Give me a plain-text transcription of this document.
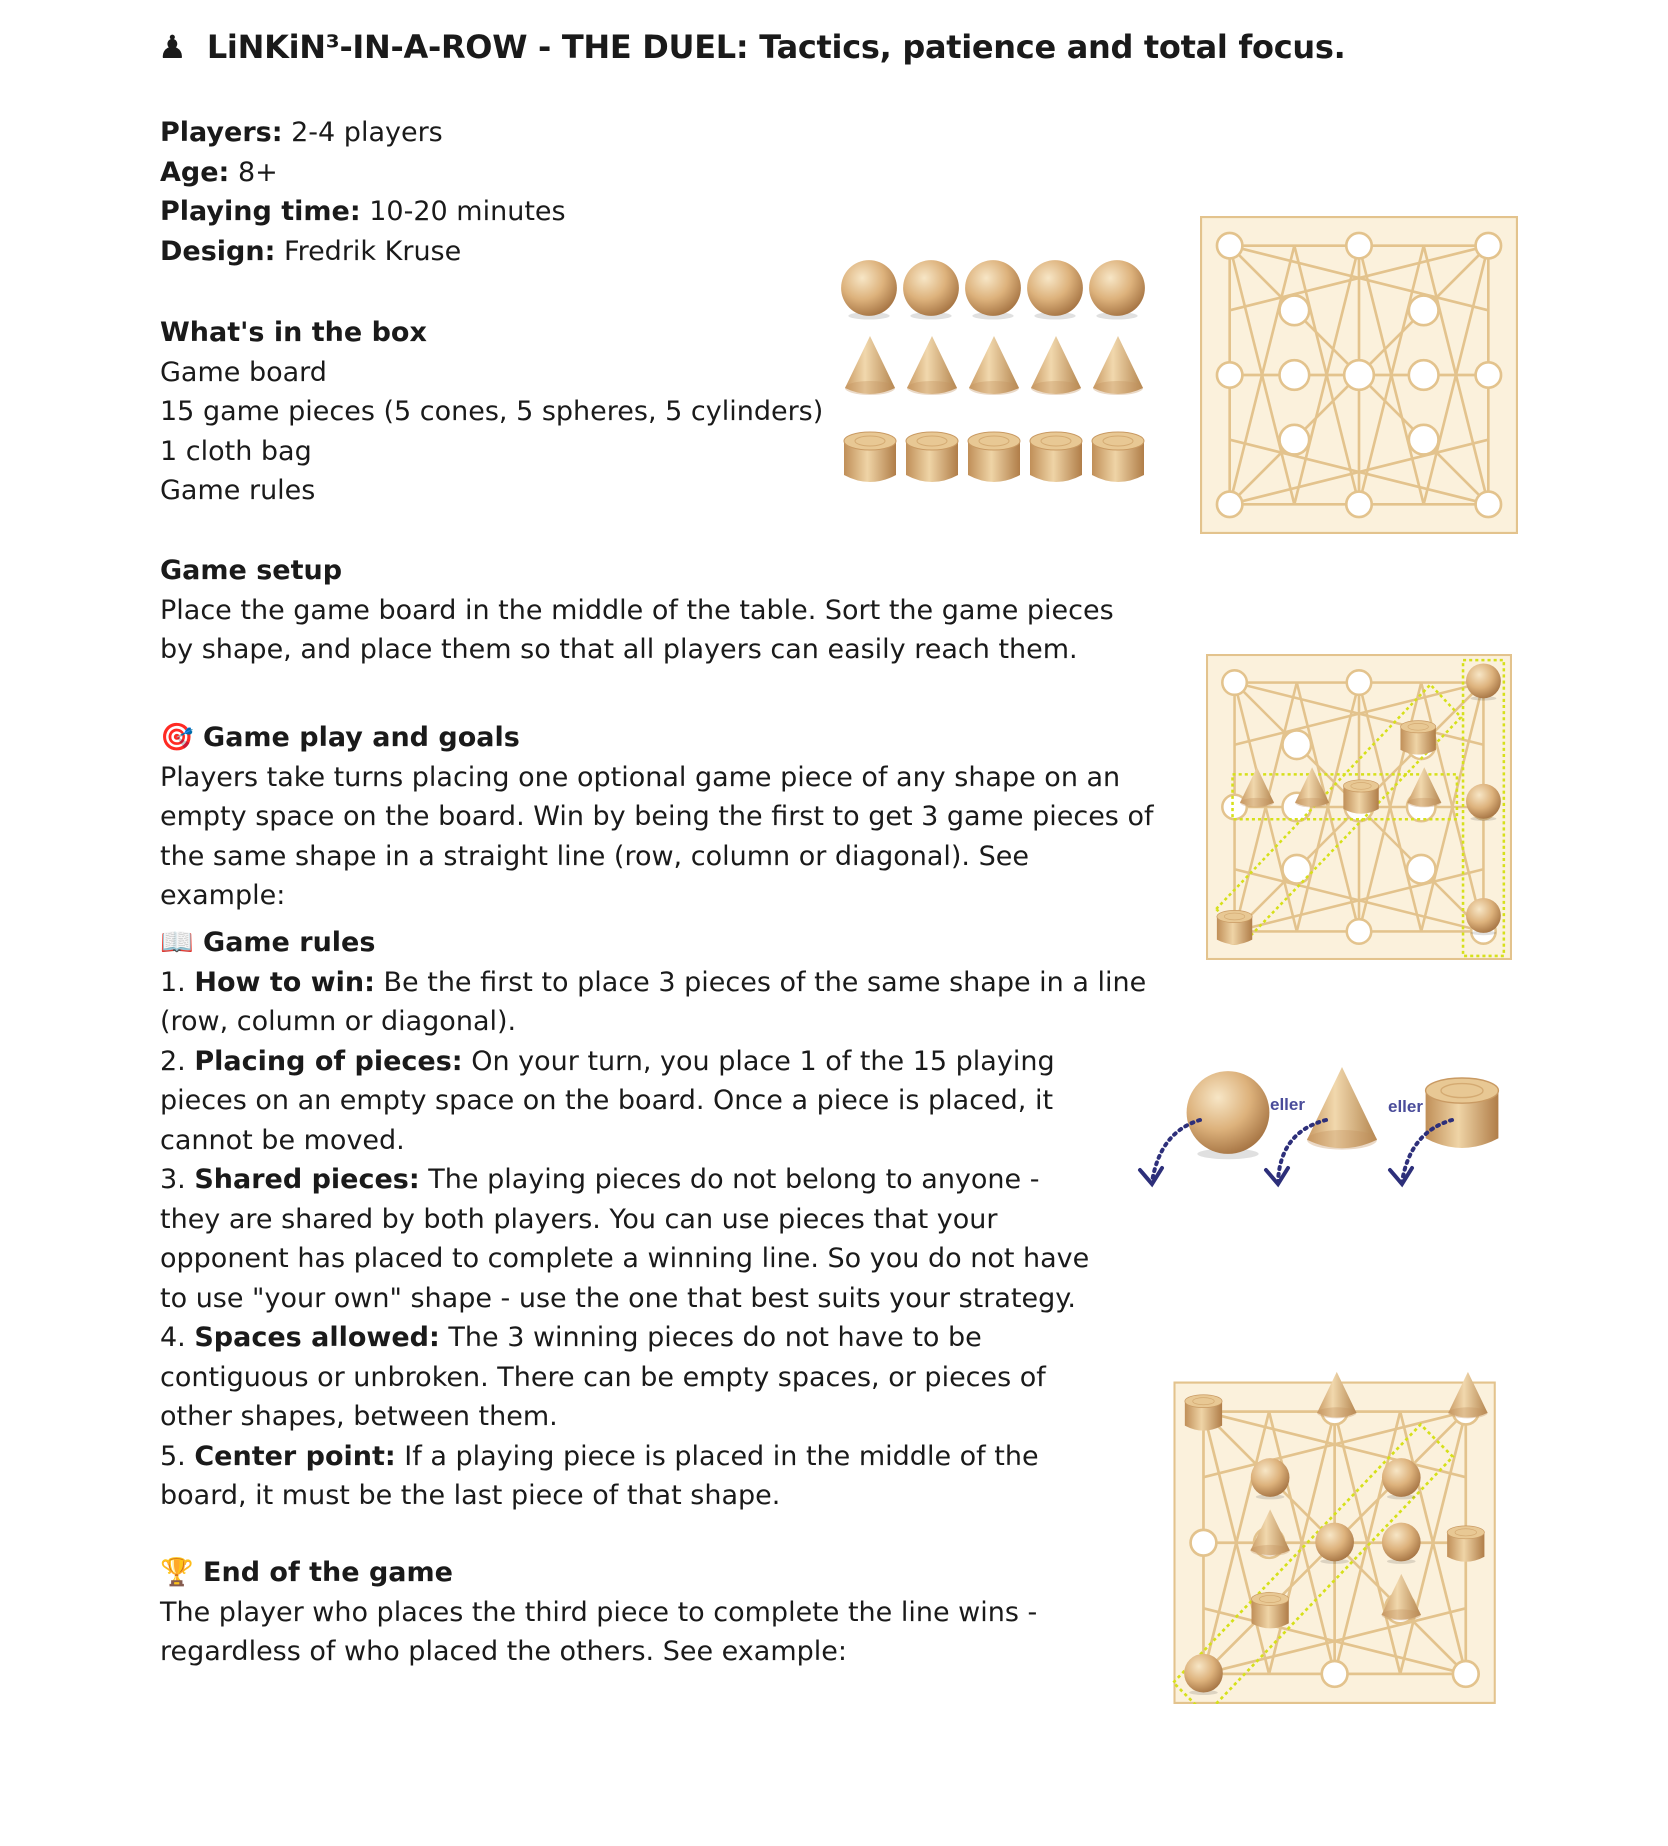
♟ LiNKiN³-IN-A-ROW - THE DUEL: Tactics, patience and total focus.

Players: 2-4 players

Age: 8+

Playing time: 10-20 minutes

Design: Fredrik Kruse

What's in the box
Game board
15 game pieces (5 cones, 5 spheres, 5 cylinders)
1 cloth bag
Game rules
Game setup

Place the game board in the middle of the table. Sort the game pieces by shape, and place them so that all players can easily reach them.

🎯 Game play and goals

Players take turns placing one optional game piece of any shape on an empty space on the board. Win by being the first to get 3 game pieces of the same shape in a straight line (row, column or diagonal). See example:

📖 Game rules

1. How to win: Be the first to place 3 pieces of the same shape in a line (row, column or diagonal).

2. Placing of pieces: On your turn, you place 1 of the 15 playing pieces on an empty space on the board. Once a piece is placed, it cannot be moved.

3. Shared pieces: The playing pieces do not belong to anyone - they are shared by both players. You can use pieces that your opponent has placed to complete a winning line. So you do not have to use "your own" shape - use the one that best suits your strategy.

4. Spaces allowed: The 3 winning pieces do not have to be contiguous or unbroken. There can be empty spaces, or pieces of other shapes, between them.

5. Center point: If a playing piece is placed in the middle of the board, it must be the last piece of that shape.

🏆 End of the game

The player who places the third piece to complete the line wins - regardless of who placed the others. See example:

eller	eller
